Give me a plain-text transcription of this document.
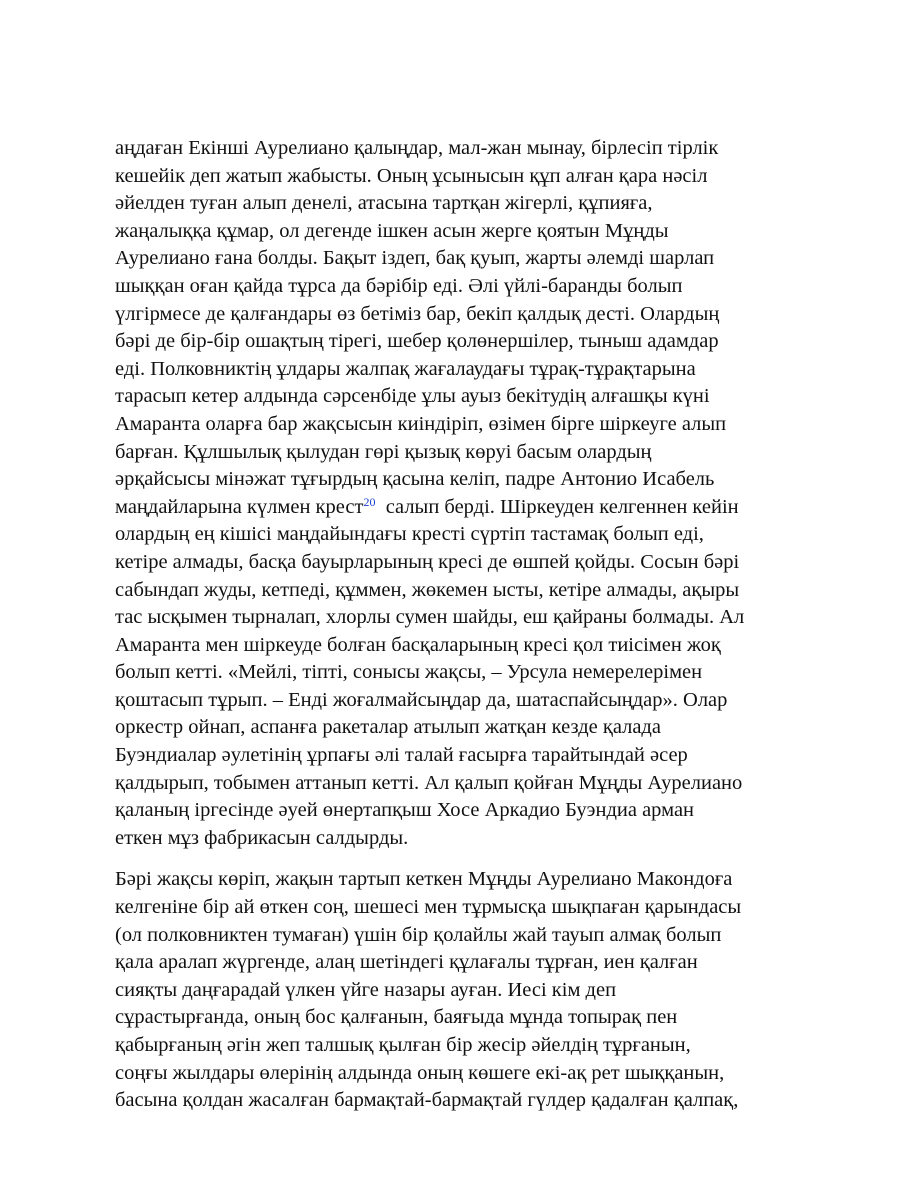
аңдаған Екінші Аурелиано қалыңдар, мал-жан мынау, бірлесіп тірлік
кешейік деп жатып жабысты. Оның ұсынысын құп алған қара нәсіл
әйелден туған алып денелі, атасына тартқан жігерлі, құпияға,
жаңалыққа құмар, ол дегенде ішкен асын жерге қоятын Мұңды
Аурелиано ғана болды. Бақыт іздеп, бақ қуып, жарты әлемді шарлап
шыққан оған қайда тұрса да бәрібір еді. Әлі үйлі-баранды болып
үлгірмесе де қалғандары өз бетіміз бар, бекіп қалдық десті. Олардың
бәрі де бір-бір ошақтың тірегі, шебер қолөнершілер, тыныш адамдар
еді. Полковниктің ұлдары жалпақ жағалаудағы тұрақ-тұрақтарына
тарасып кетер алдында сәрсенбіде ұлы ауыз бекітудің алғашқы күні
Амаранта оларға бар жақсысын киіндіріп, өзімен бірге шіркеуге алып
барған. Құлшылық қылудан гөрі қызық көруі басым олардың
әрқайсысы мінәжат тұғырдың қасына келіп, падре Антонио Исабель
маңдайларына күлмен крест$^{20}$  салып берді. Шіркеуден келгеннен кейін
олардың ең кішісі маңдайындағы кресті сүртіп тастамақ болып еді,
кетіре алмады, басқа бауырларының кресі де өшпей қойды. Сосын бәрі
сабындап жуды, кетпеді, құммен, жөкемен ысты, кетіре алмады, ақыры
тас ысқымен тырналап, хлорлы сумен шайды, еш қайраны болмады. Ал
Амаранта мен шіркеуде болған басқаларының кресі қол тиісімен жоқ
болып кетті. «Мейлі, тіпті, сонысы жақсы, – Урсула немерелерімен
қоштасып тұрып. – Енді жоғалмайсыңдар да, шатаспайсыңдар». Олар
оркестр ойнап, аспанға ракеталар атылып жатқан кезде қалада
Буэндиалар әулетінің ұрпағы әлі талай ғасырға тарайтындай әсер
қалдырып, тобымен аттанып кетті. Ал қалып қойған Мұңды Аурелиано
қаланың іргесінде әуей өнертапқыш Хосе Аркадио Буэндиа арман
еткен мұз фабрикасын салдырды.
Бәрі жақсы көріп, жақын тартып кеткен Мұңды Аурелиано Макондоға
келгеніне бір ай өткен соң, шешесі мен тұрмысқа шықпаған қарындасы
(ол полковниктен тумаған) үшін бір қолайлы жай тауып алмақ болып
қала аралап жүргенде, алаң шетіндегі құлағалы тұрған, иен қалған
сияқты даңғарадай үлкен үйге назары ауған. Иесі кім деп
сұрастырғанда, оның бос қалғанын, баяғыда мұнда топырақ пен
қабырғаның әгін жеп талшық қылған бір жесір әйелдің тұрғанын,
соңғы жылдары өлерінің алдында оның көшеге екі-ақ рет шыққанын,
басына қолдан жасалған бармақтай-бармақтай гүлдер қадалған қалпақ,
